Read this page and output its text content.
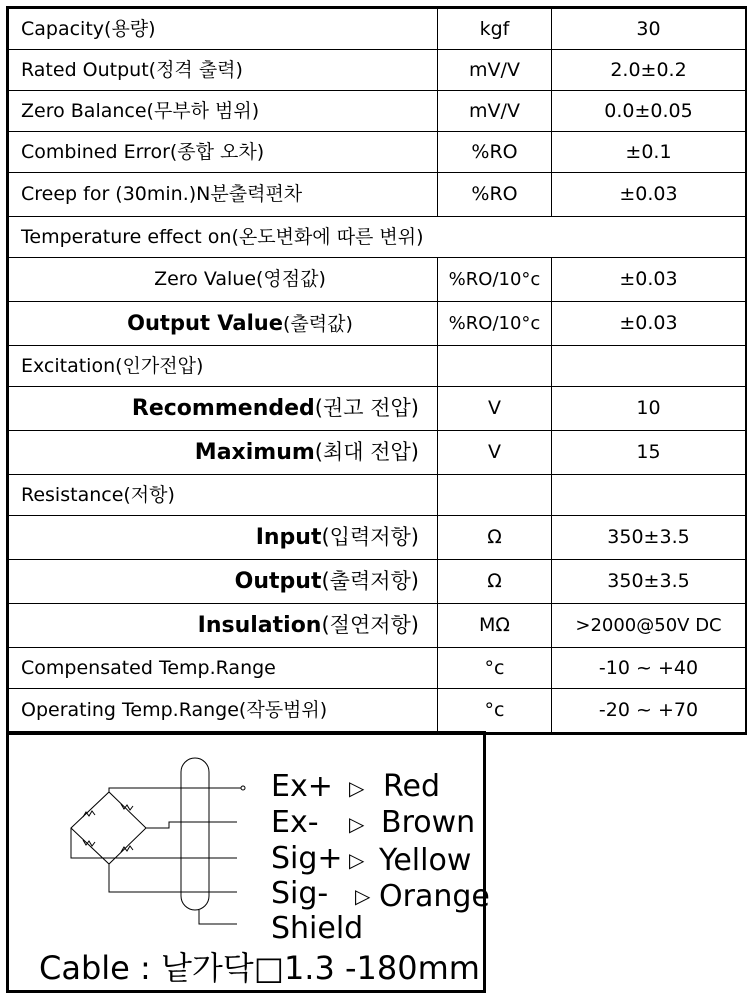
Capacity(용량)	kgf	30
Rated Output(정격 출력)	mV/V	2.0±0.2
Zero Balance(무부하 범위)	mV/V	0.0±0.05
Combined Error(종합 오차)	%RO	±0.1
Creep for (30min.)N분출력편차	%RO	±0.03
Temperature effect on(온도변화에 따른 변위)		
Zero Value(영점값)	%RO/10°c	±0.03
Output Value(출력값)	%RO/10°c	±0.03
Excitation(인가전압)		
Recommended(권고 전압)	V	10
Maximum(최대 전압)	V	15
Resistance(저항)		
Input(입력저항)	Ω	350±3.5
Output(출력저항)	Ω	350±3.5
Insulation(절연저항)	MΩ	>2000@50V DC
Compensated Temp.Range	°c	-10 ~ +40
Operating Temp.Range(작동범위)	°c	-20 ~ +70
Ex+ ▷ Red
Ex- ▷ Brown
Sig+ ▷ Yellow
Sig- ▷ Orange
Shield
Cable : 낱가닥□1.3 -180mm
